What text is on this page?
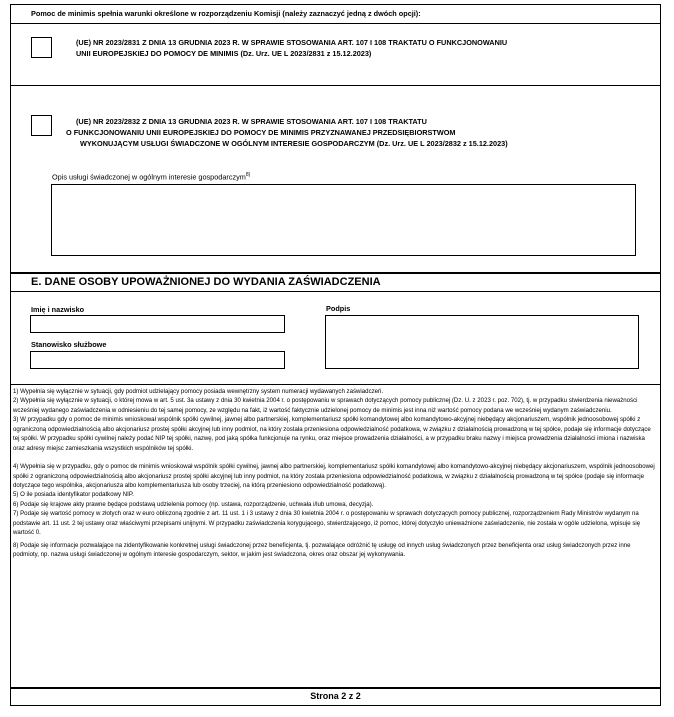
Pomoc de minimis spełnia warunki określone w rozporządzeniu Komisji (należy zaznaczyć jedną z dwóch opcji):
(UE) NR 2023/2831 Z DNIA 13 GRUDNIA 2023 R. W SPRAWIE STOSOWANIA ART. 107 I 108 TRAKTATU O FUNKCJONOWANIU
UNII EUROPEJSKIEJ DO POMOCY DE MINIMIS (Dz. Urz. UE L 2023/2831 z 15.12.2023)
(UE) NR 2023/2832 Z DNIA 13 GRUDNIA 2023 R. W SPRAWIE STOSOWANIA ART. 107 I 108 TRAKTATU
O FUNKCJONOWANIU UNII EUROPEJSKIEJ DO POMOCY DE MINIMIS PRZYZNAWANEJ PRZEDSIĘBIORSTWOM
WYKONUJĄCYM USŁUGI ŚWIADCZONE W OGÓLNYM INTERESIE GOSPODARCZYM (Dz. Urz. UE L 2023/2832 z 15.12.2023)
Opis usługi świadczonej w ogólnym interesie gospodarczym$^{8)}$
E. DANE OSOBY UPOWAŻNIONEJ DO WYDANIA ZAŚWIADCZENIA
Imię i nazwisko
Stanowisko służbowe
Podpis

1) Wypełnia się wyłącznie w sytuacji, gdy podmiot udzielający pomocy posiada wewnętrzny system numeracji wydawanych zaświadczeń.

2) Wypełnia się wyłącznie w sytuacji, o której mowa w art. 5 ust. 3a ustawy z dnia 30 kwietnia 2004 r. o postępowaniu w sprawach dotyczących pomocy publicznej (Dz. U. z 2023 r. poz. 702), tj. w przypadku stwierdzenia nieważności wcześniej wydanego zaświadczenia w odniesieniu do tej samej pomocy, ze względu na fakt, iż wartość faktycznie udzielonej pomocy de minimis jest inna niż wartość pomocy podana we wcześniej wydanym zaświadczeniu.

3) W przypadku gdy o pomoc de minimis wnioskował wspólnik spółki cywilnej, jawnej albo partnerskiej, komplementariusz spółki komandytowej albo komandytowo-akcyjnej niebędący akcjonariuszem, wspólnik jednoosobowej spółki z ograniczoną odpowiedzialnością albo akcjonariusz prostej spółki akcyjnej lub inny podmiot, na który została przeniesiona odpowiedzialność podatkowa, w związku z działalnością prowadzoną w tej spółce, podaje się informacje dotyczące tej spółki. W przypadku spółki cywilnej należy podać NIP tej spółki, nazwę, pod jaką spółka funkcjonuje na rynku, oraz miejsce prowadzenia działalności, a w przypadku braku nazwy i miejsca prowadzenia działalności imiona i nazwiska oraz adresy miejsc zamieszkania wszystkich wspólników tej spółki.

4) Wypełnia się w przypadku, gdy o pomoc de minimis wnioskował wspólnik spółki cywilnej, jawnej albo partnerskiej, komplementariusz spółki komandytowej albo komandytowo-akcyjnej niebędący akcjonariuszem, wspólnik jednoosobowej spółki z ograniczoną odpowiedzialnością albo akcjonariusz prostej spółki akcyjnej lub inny podmiot, na który została przeniesiona odpowiedzialność podatkowa, w związku z działalnością prowadzoną w tej spółce (podaje się informacje dotyczące tego wspólnika, akcjonariusza albo komplementariusza lub osoby trzeciej, na którą przeniesiono odpowiedzialność podatkową).

5) O ile posiada identyfikator podatkowy NIP.

6) Podaje się krajowe akty prawne będące podstawą udzielenia pomocy (np. ustawa, rozporządzenie, uchwała i/lub umowa, decyzja).

7) Podaje się wartość pomocy w złotych oraz w euro obliczoną zgodnie z art. 11 ust. 1 i 3 ustawy z dnia 30 kwietnia 2004 r. o postępowaniu w sprawach dotyczących pomocy publicznej, rozporządzeniem Rady Ministrów wydanym na podstawie art. 11 ust. 2 tej ustawy oraz właściwymi przepisami unijnymi. W przypadku zaświadczenia korygującego, stwierdzającego, iż pomoc, której dotyczyło unieważnione zaświadczenie, nie została w ogóle udzielona, wpisuje się wartość 0.

8) Podaje się informacje pozwalające na zidentyfikowanie konkretnej usługi świadczonej przez beneficjenta, tj. pozwalające odróżnić tę usługę od innych usług świadczonych przez beneficjenta oraz usług świadczonych przez inne podmioty, np. nazwa usługi świadczonej w ogólnym interesie gospodarczym, sektor, w jakim jest świadczona, okres oraz obszar jej wykonywania.

Strona 2 z 2
